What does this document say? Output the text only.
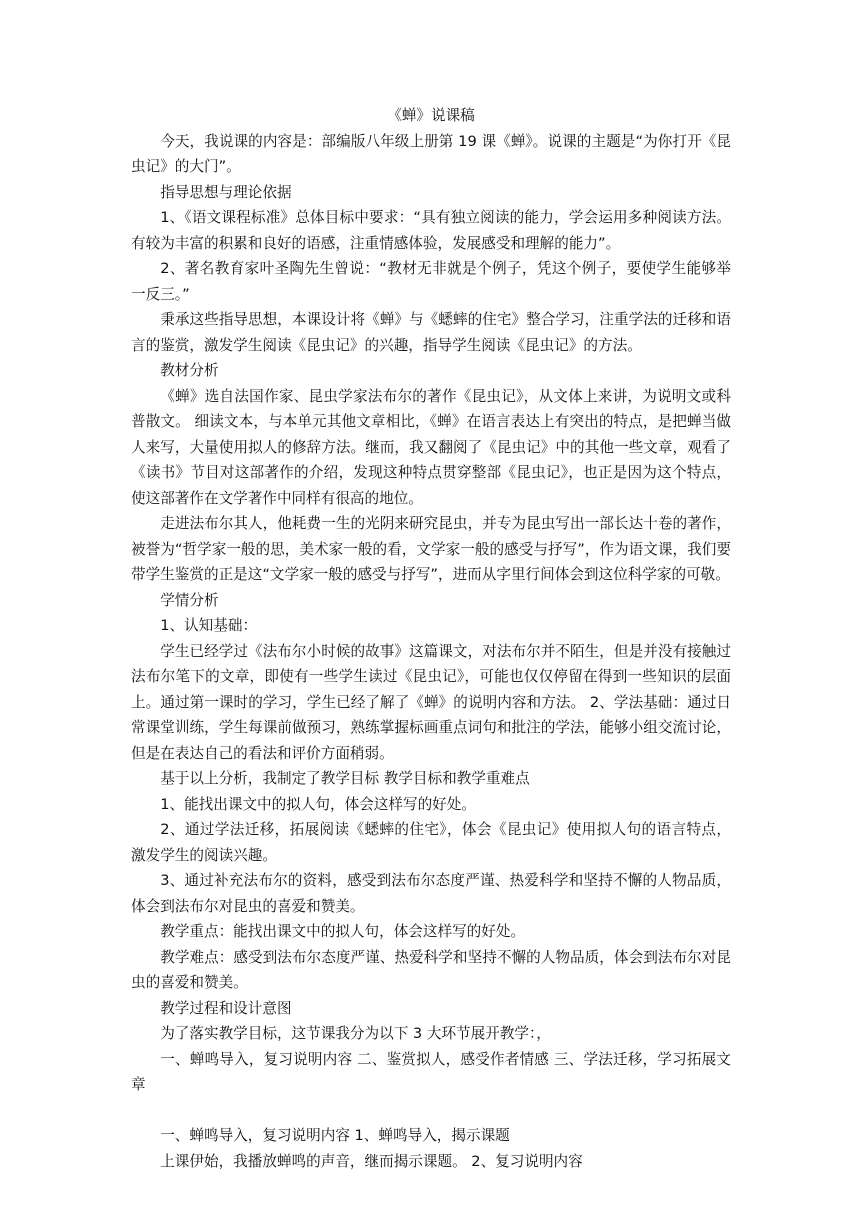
《蝉》说课稿

今天，我说课的内容是：部编版八年级上册第 19 课《蝉》。说课的主题是“为你打开《昆虫记》的大门”。

指导思想与理论依据

1、《语文课程标准》总体目标中要求：“具有独立阅读的能力，学会运用多种阅读方法。有较为丰富的积累和良好的语感，注重情感体验，发展感受和理解的能力”。

2、著名教育家叶圣陶先生曾说：“教材无非就是个例子，凭这个例子，要使学生能够举一反三。”

秉承这些指导思想，本课设计将《蝉》与《蟋蟀的住宅》整合学习，注重学法的迁移和语言的鉴赏，激发学生阅读《昆虫记》的兴趣，指导学生阅读《昆虫记》的方法。

教材分析

《蝉》选自法国作家、昆虫学家法布尔的著作《昆虫记》，从文体上来讲，为说明文或科普散文。 细读文本，与本单元其他文章相比，《蝉》在语言表达上有突出的特点，是把蝉当做人来写，大量使用拟人的修辞方法。继而，我又翻阅了《昆虫记》中的其他一些文章，观看了《读书》节目对这部著作的介绍，发现这种特点贯穿整部《昆虫记》，也正是因为这个特点，使这部著作在文学著作中同样有很高的地位。

走进法布尔其人，他耗费一生的光阴来研究昆虫，并专为昆虫写出一部长达十卷的著作，被誉为“哲学家一般的思，美术家一般的看，文学家一般的感受与抒写”，作为语文课，我们要带学生鉴赏的正是这“文学家一般的感受与抒写”，进而从字里行间体会到这位科学家的可敬。

学情分析

1、认知基础：

学生已经学过《法布尔小时候的故事》这篇课文，对法布尔并不陌生，但是并没有接触过法布尔笔下的文章，即使有一些学生读过《昆虫记》，可能也仅仅停留在得到一些知识的层面上。通过第一课时的学习，学生已经了解了《蝉》的说明内容和方法。 2、学法基础：通过日常课堂训练，学生每课前做预习，熟练掌握标画重点词句和批注的学法，能够小组交流讨论，但是在表达自己的看法和评价方面稍弱。

基于以上分析，我制定了教学目标 教学目标和教学重难点

1、能找出课文中的拟人句，体会这样写的好处。

2、通过学法迁移，拓展阅读《蟋蟀的住宅》，体会《昆虫记》使用拟人句的语言特点，激发学生的阅读兴趣。

3、通过补充法布尔的资料，感受到法布尔态度严谨、热爱科学和坚持不懈的人物品质，体会到法布尔对昆虫的喜爱和赞美。

教学重点：能找出课文中的拟人句，体会这样写的好处。

教学难点：感受到法布尔态度严谨、热爱科学和坚持不懈的人物品质，体会到法布尔对昆虫的喜爱和赞美。

教学过程和设计意图

为了落实教学目标，这节课我分为以下 3 大环节展开教学：，

一、蝉鸣导入，复习说明内容 二、鉴赏拟人，感受作者情感 三、学法迁移，学习拓展文章

一、蝉鸣导入，复习说明内容 1、蝉鸣导入，揭示课题

上课伊始，我播放蝉鸣的声音，继而揭示课题。 2、复习说明内容
